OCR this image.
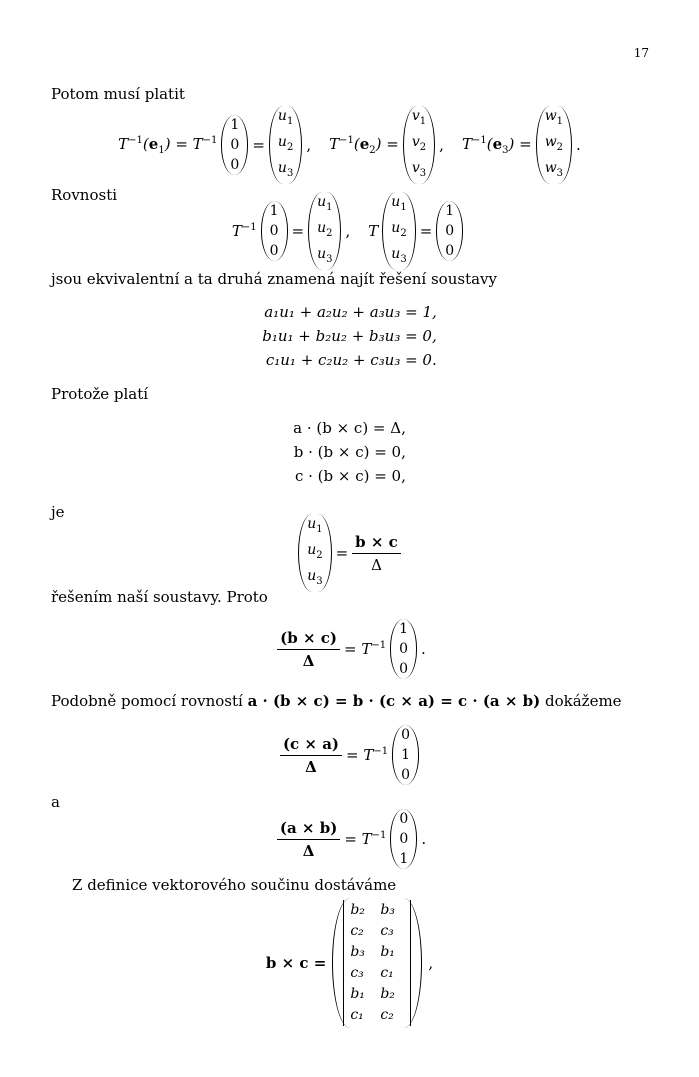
17
Potom musí platit
$T^{-1}(e_1) = T^{-1}$
1
0
0
=
$u_1$
$u_2$
$u_3$
, $T^{-1}(e_2)$ =
$v_1$
$v_2$
$v_3$
, $T^{-1}(e_3)$ =
$w_1$
$w_2$
$w_3$
.
Rovnosti
$T^{-1}$
1
0
0
=
$u_1$
$u_2$
$u_3$
, T
$u_1$
$u_2$
$u_3$
=
1
0
0
jsou ekvivalentní a ta druhá znamená najít řešení soustavy
a₁u₁ + a₂u₂ + a₃u₃ = 1,
b₁u₁ + b₂u₂ + b₃u₃ = 0,
c₁u₁ + c₂u₂ + c₃u₃ = 0.
Protože platí
a · (b × c) = Δ,
b · (b × c) = 0,
c · (b × c) = 0,
je
$u_1$
$u_2$
$u_3$
= $\frac{b \times c}{\Delta}$
řešením naší soustavy. Proto
$\frac{(b \times c)}{\Delta} = T^{-1}$
1
0
0
.
Podobně pomocí rovností a · (b × c) = b · (c × a) = c · (a × b) dokážeme
$\frac{(c \times a)}{\Delta} = T^{-1}$
0
1
0
a
$\frac{(a \times b)}{\Delta} = T^{-1}$
0
0
1
.
Z definice vektorového součinu dostáváme
b × c =
b₂	b₃
c₂	c₃
b₃	b₁
c₃	c₁
b₁	b₂
c₁	c₂
,
